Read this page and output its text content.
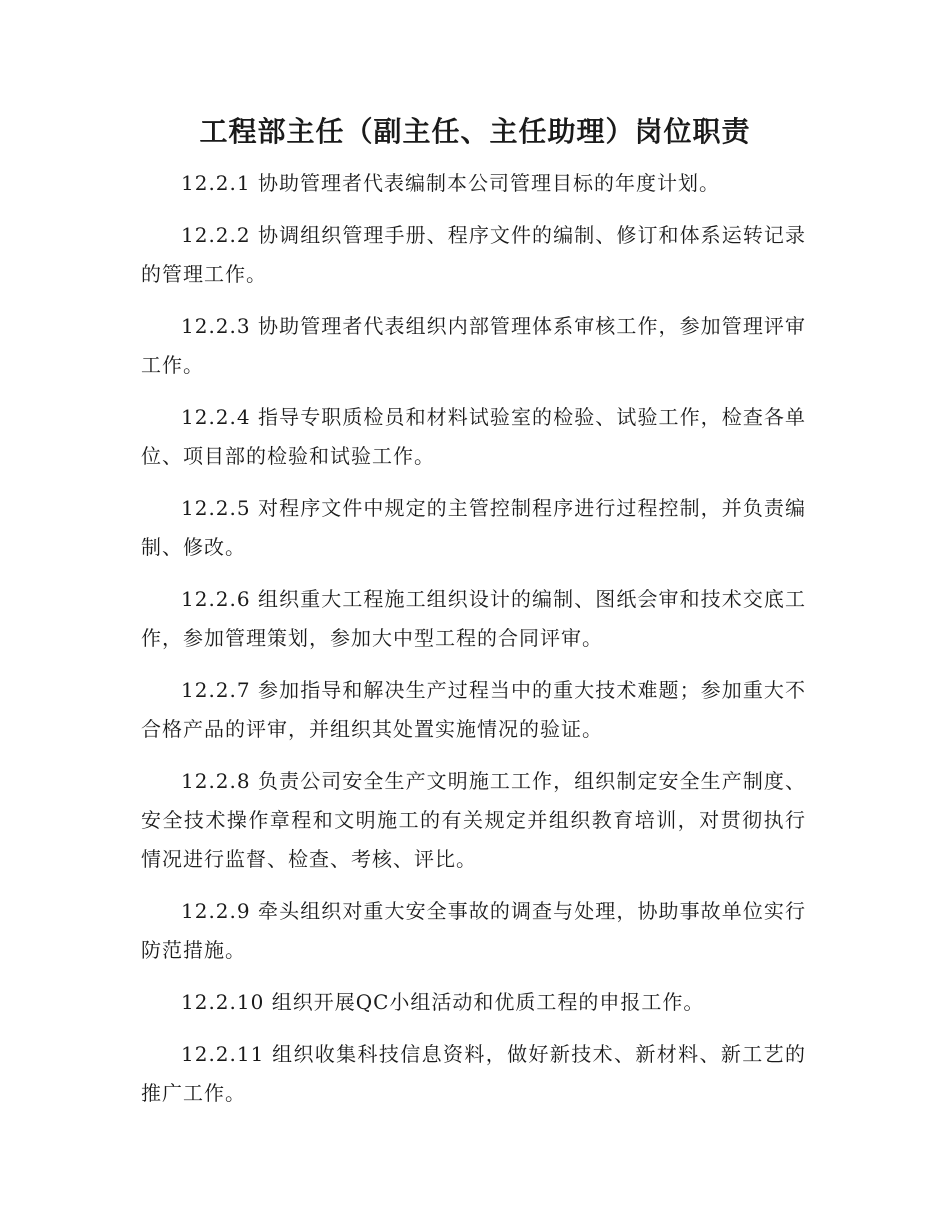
工程部主任（副主任、主任助理）岗位职责

12.2.1 协助管理者代表编制本公司管理目标的年度计划。

12.2.2 协调组织管理手册、程序文件的编制、修订和体系运转记录的管理工作。

12.2.3 协助管理者代表组织内部管理体系审核工作，参加管理评审工作。

12.2.4 指导专职质检员和材料试验室的检验、试验工作，检查各单位、项目部的检验和试验工作。

12.2.5 对程序文件中规定的主管控制程序进行过程控制，并负责编制、修改。

12.2.6 组织重大工程施工组织设计的编制、图纸会审和技术交底工作，参加管理策划，参加大中型工程的合同评审。

12.2.7 参加指导和解决生产过程当中的重大技术难题；参加重大不合格产品的评审，并组织其处置实施情况的验证。

12.2.8 负责公司安全生产文明施工工作，组织制定安全生产制度、安全技术操作章程和文明施工的有关规定并组织教育培训，对贯彻执行情况进行监督、检查、考核、评比。

12.2.9 牵头组织对重大安全事故的调查与处理，协助事故单位实行防范措施。

12.2.10 组织开展QC小组活动和优质工程的申报工作。

12.2.11 组织收集科技信息资料，做好新技术、新材料、新工艺的推广工作。
